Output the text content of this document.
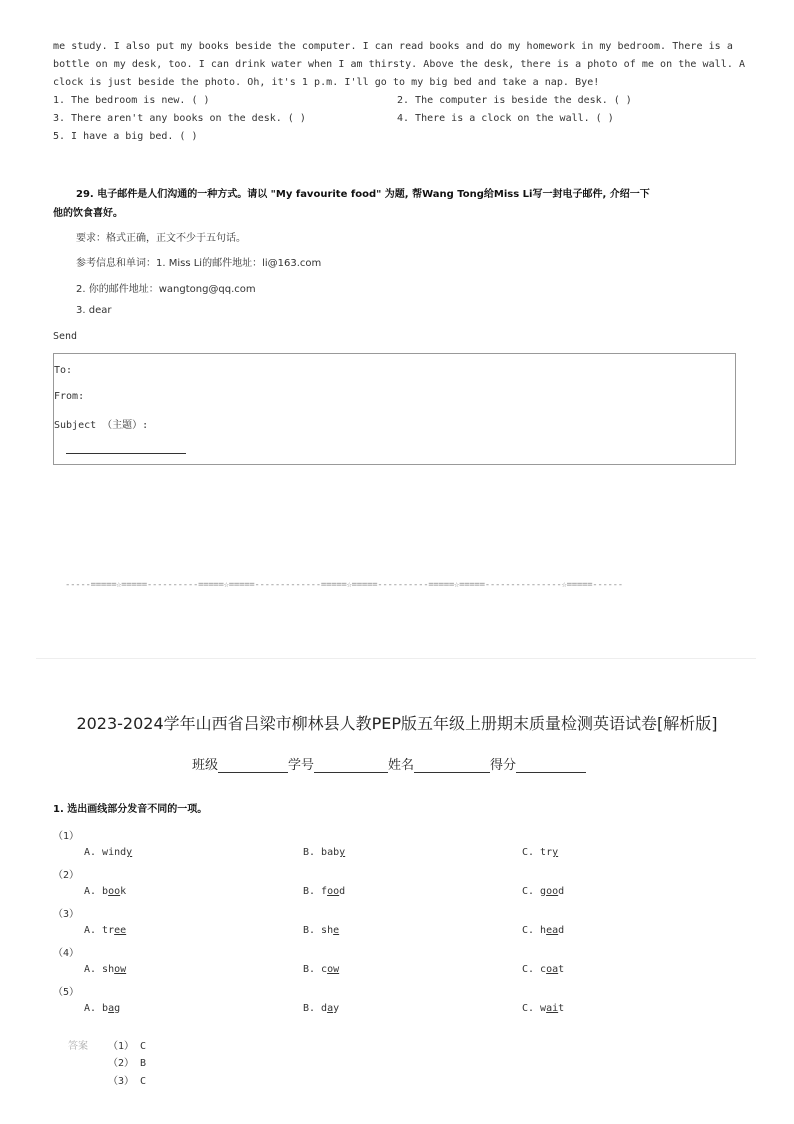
me study. I also put my books beside the computer. I can read books and do my homework in my bedroom. There is a
bottle on my desk, too. I can drink water when I am thirsty. Above the desk, there is a photo of me on the wall. A
clock is just beside the photo. Oh, it's 1 p.m. I'll go to my big bed and take a nap. Bye!
1. The bedroom is new. ( )	2. The computer is beside the desk. ( )
3. There aren't any books on the desk. ( )	4. There is a clock on the wall. ( )
5. I have a big bed. ( )
29. 电子邮件是人们沟通的一种方式。请以 "My favourite food" 为题, 帮Wang Tong给Miss Li写一封电子邮件, 介绍一下
他的饮食喜好。
要求：格式正确，正文不少于五句话。
参考信息和单词：1. Miss Li的邮件地址：li@163.com
2. 你的邮件地址：wangtong@qq.com
3. dear
Send
To:
From:
Subject （主题）:
-----=====☆=====----------=====☆=====-------------=====☆=====----------=====☆=====---------------☆=====------
2023-2024学年山西省吕梁市柳林县人教PEP版五年级上册期末质量检测英语试卷[解析版]
班级	学号	姓名	得分
1. 选出画线部分发音不同的一项。
（1）
A. windy	B. baby	C. try
（2）
A. book	B. food	C. good
（3）
A. tree	B. she	C. head
（4）
A. show	B. cow	C. coat
（5）
A. bag	B. day	C. wait
答案 （1） C
（2） B
（3） C
